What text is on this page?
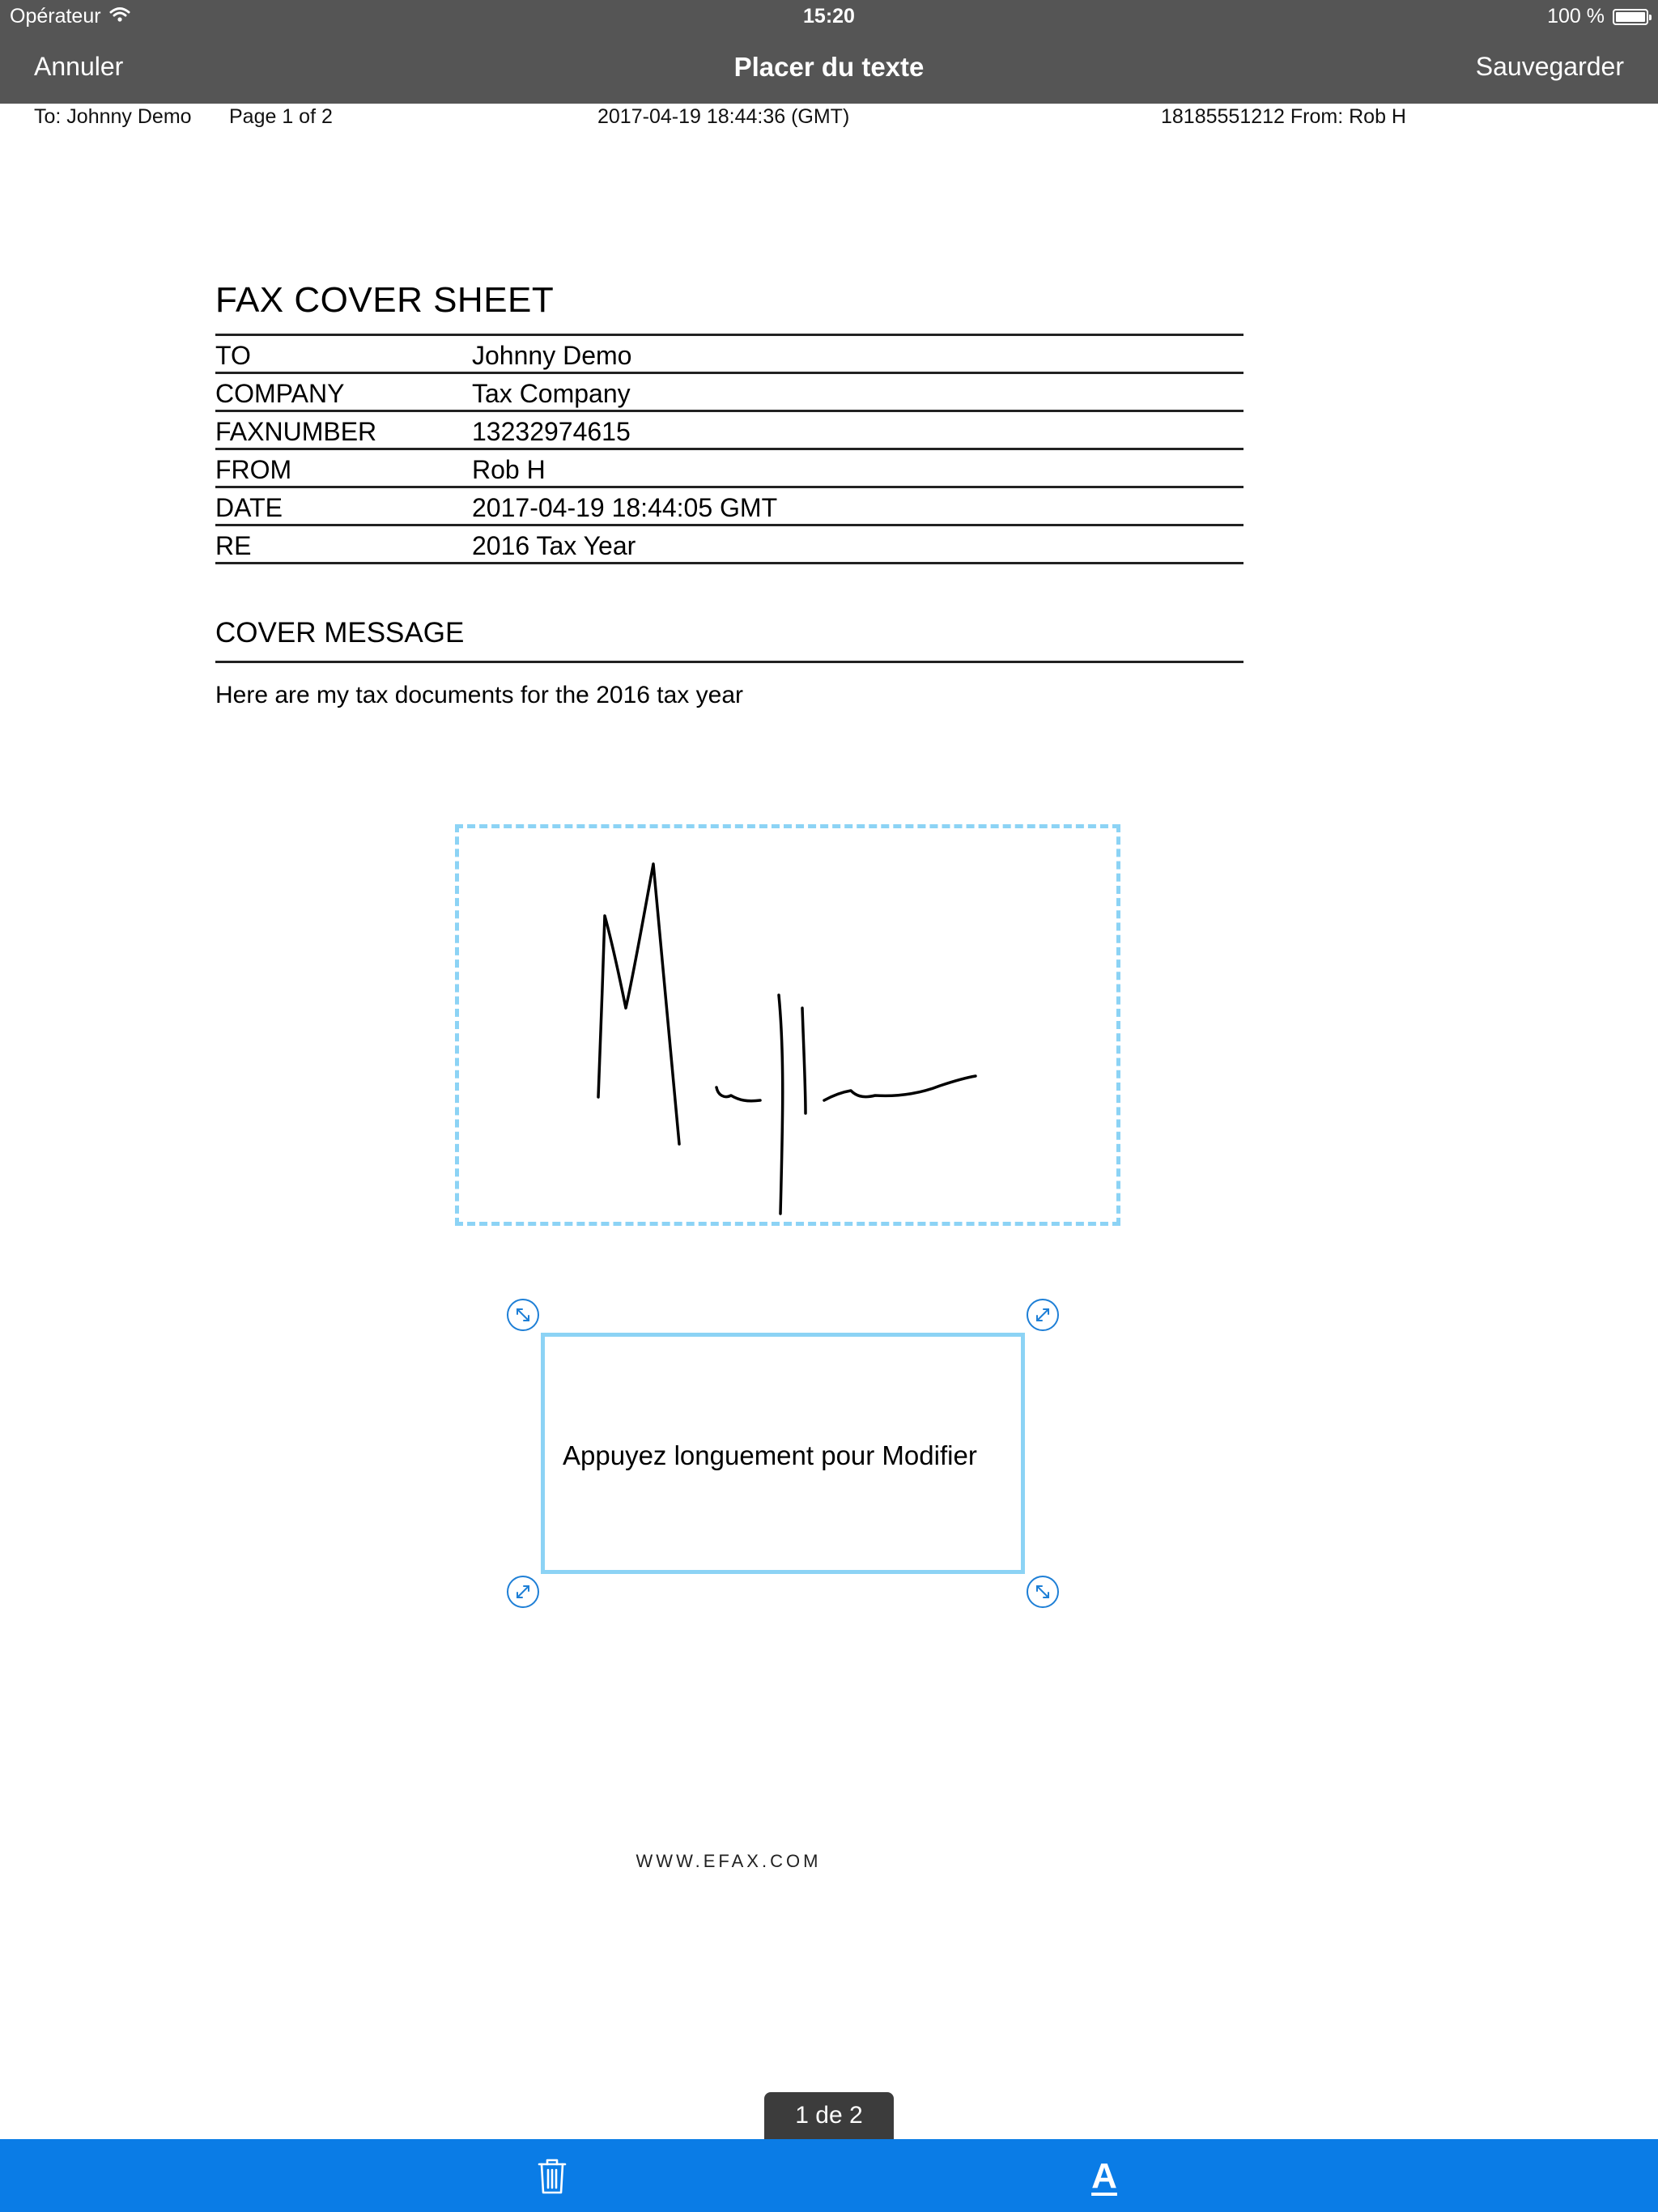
Opérateur	15:20	100 %
Annuler	Placer du texte	Sauvegarder
To: Johnny Demo Page 1 of 2	2017-04-19 18:44:36 (GMT)	18185551212 From: Rob H
FAX COVER SHEET
TO	Johnny Demo
COMPANY	Tax Company
FAXNUMBER	13232974615
FROM	Rob H
DATE	2017-04-19 18:44:05 GMT
RE	2016 Tax Year
COVER MESSAGE
Here are my tax documents for the 2016 tax year
Appuyez longuement pour Modifier
WWW.EFAX.COM
1 de 2
A
